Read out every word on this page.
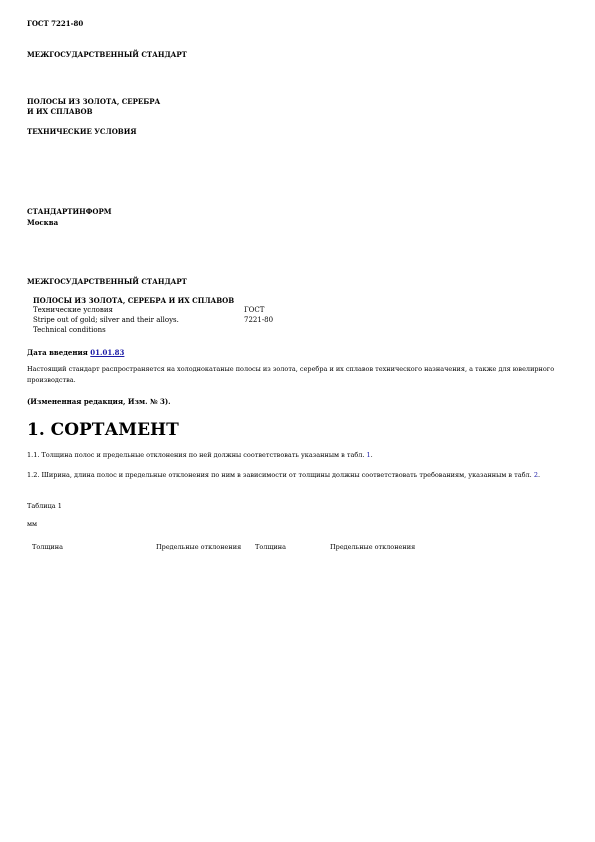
ГОСТ 7221-80
МЕЖГОСУДАРСТВЕННЫЙ СТАНДАРТ
ПОЛОСЫ ИЗ ЗОЛОТА, СЕРЕБРА
И ИХ СПЛАВОВ
ТЕХНИЧЕСКИЕ УСЛОВИЯ
СТАНДАРТИНФОРМ
Москва
МЕЖГОСУДАРСТВЕННЫЙ СТАНДАРТ
ПОЛОСЫ ИЗ ЗОЛОТА, СЕРЕБРА И ИХ СПЛАВОВ
Технические условия
Stripe out of gold; silver and their alloys.
Technical conditions
ГОСТ
7221-80
Дата введения 01.01.83
Настоящий стандарт распространяется на холоднокатаные полосы из золота, серебра и их сплавов технического назначения, а также для ювелирного производства.
(Измененная редакция, Изм. № 3).
1. СОРТАМЕНТ
1.1. Толщина полос и предельные отклонения по ней должны соответствовать указанным в табл. 1.
1.2. Ширина, длина полос и предельные отклонения по ним в зависимости от толщины должны соответствовать требованиям, указанным в табл. 2.
Таблица 1
мм
Толщина	Предельные отклонения Толщина	Предельные отклонения
